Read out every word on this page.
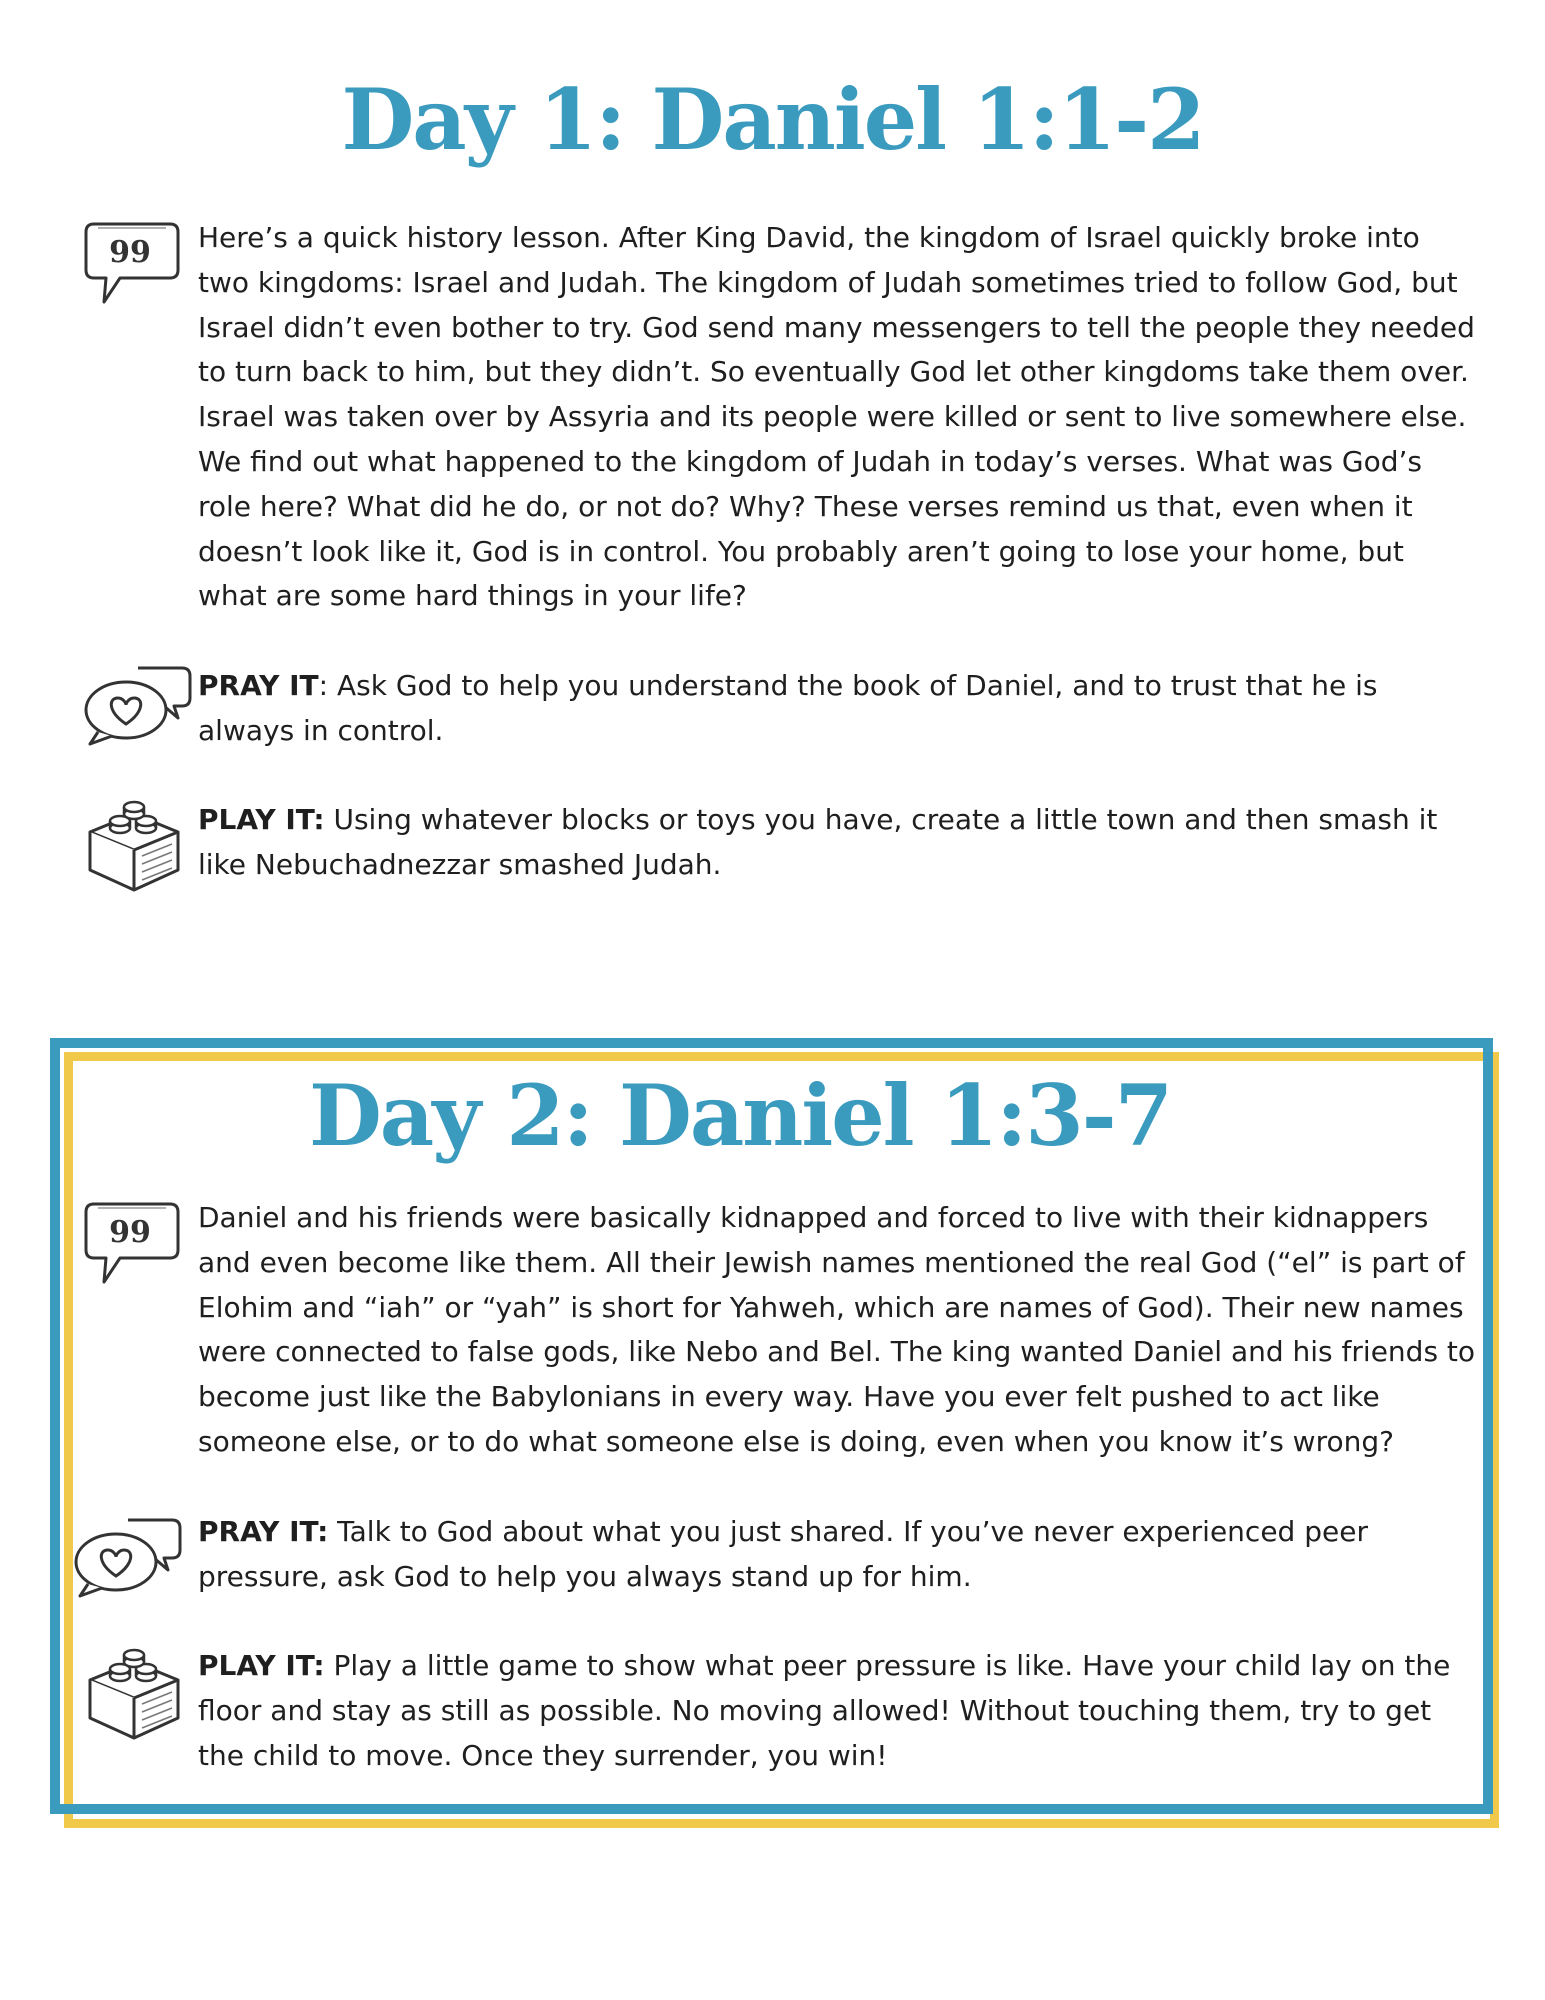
Day 1: Daniel 1:1-2
99 Here’s a quick history lesson. After King David, the kingdom of Israel quickly broke into two kingdoms: Israel and Judah. The kingdom of Judah sometimes tried to follow God, but Israel didn’t even bother to try. God send many messengers to tell the people they needed to turn back to him, but they didn’t. So eventually God let other kingdoms take them over. Israel was taken over by Assyria and its people were killed or sent to live somewhere else. We find out what happened to the kingdom of Judah in today’s verses. What was God’s role here? What did he do, or not do? Why? These verses remind us that, even when it doesn’t look like it, God is in control. You probably aren’t going to lose your home, but what are some hard things in your life?

PRAY IT: Ask God to help you understand the book of Daniel, and to trust that he is always in control.

PLAY IT: Using whatever blocks or toys you have, create a little town and then smash it like Nebuchadnezzar smashed Judah.

Day 2: Daniel 1:3-7
99 Daniel and his friends were basically kidnapped and forced to live with their kidnappers and even become like them. All their Jewish names mentioned the real God (“el” is part of Elohim and “iah” or “yah” is short for Yahweh, which are names of God). Their new names were connected to false gods, like Nebo and Bel. The king wanted Daniel and his friends to become just like the Babylonians in every way. Have you ever felt pushed to act like someone else, or to do what someone else is doing, even when you know it’s wrong?

PRAY IT: Talk to God about what you just shared. If you’ve never experienced peer pressure, ask God to help you always stand up for him.

PLAY IT: Play a little game to show what peer pressure is like. Have your child lay on the floor and stay as still as possible. No moving allowed! Without touching them, try to get the child to move. Once they surrender, you win!
